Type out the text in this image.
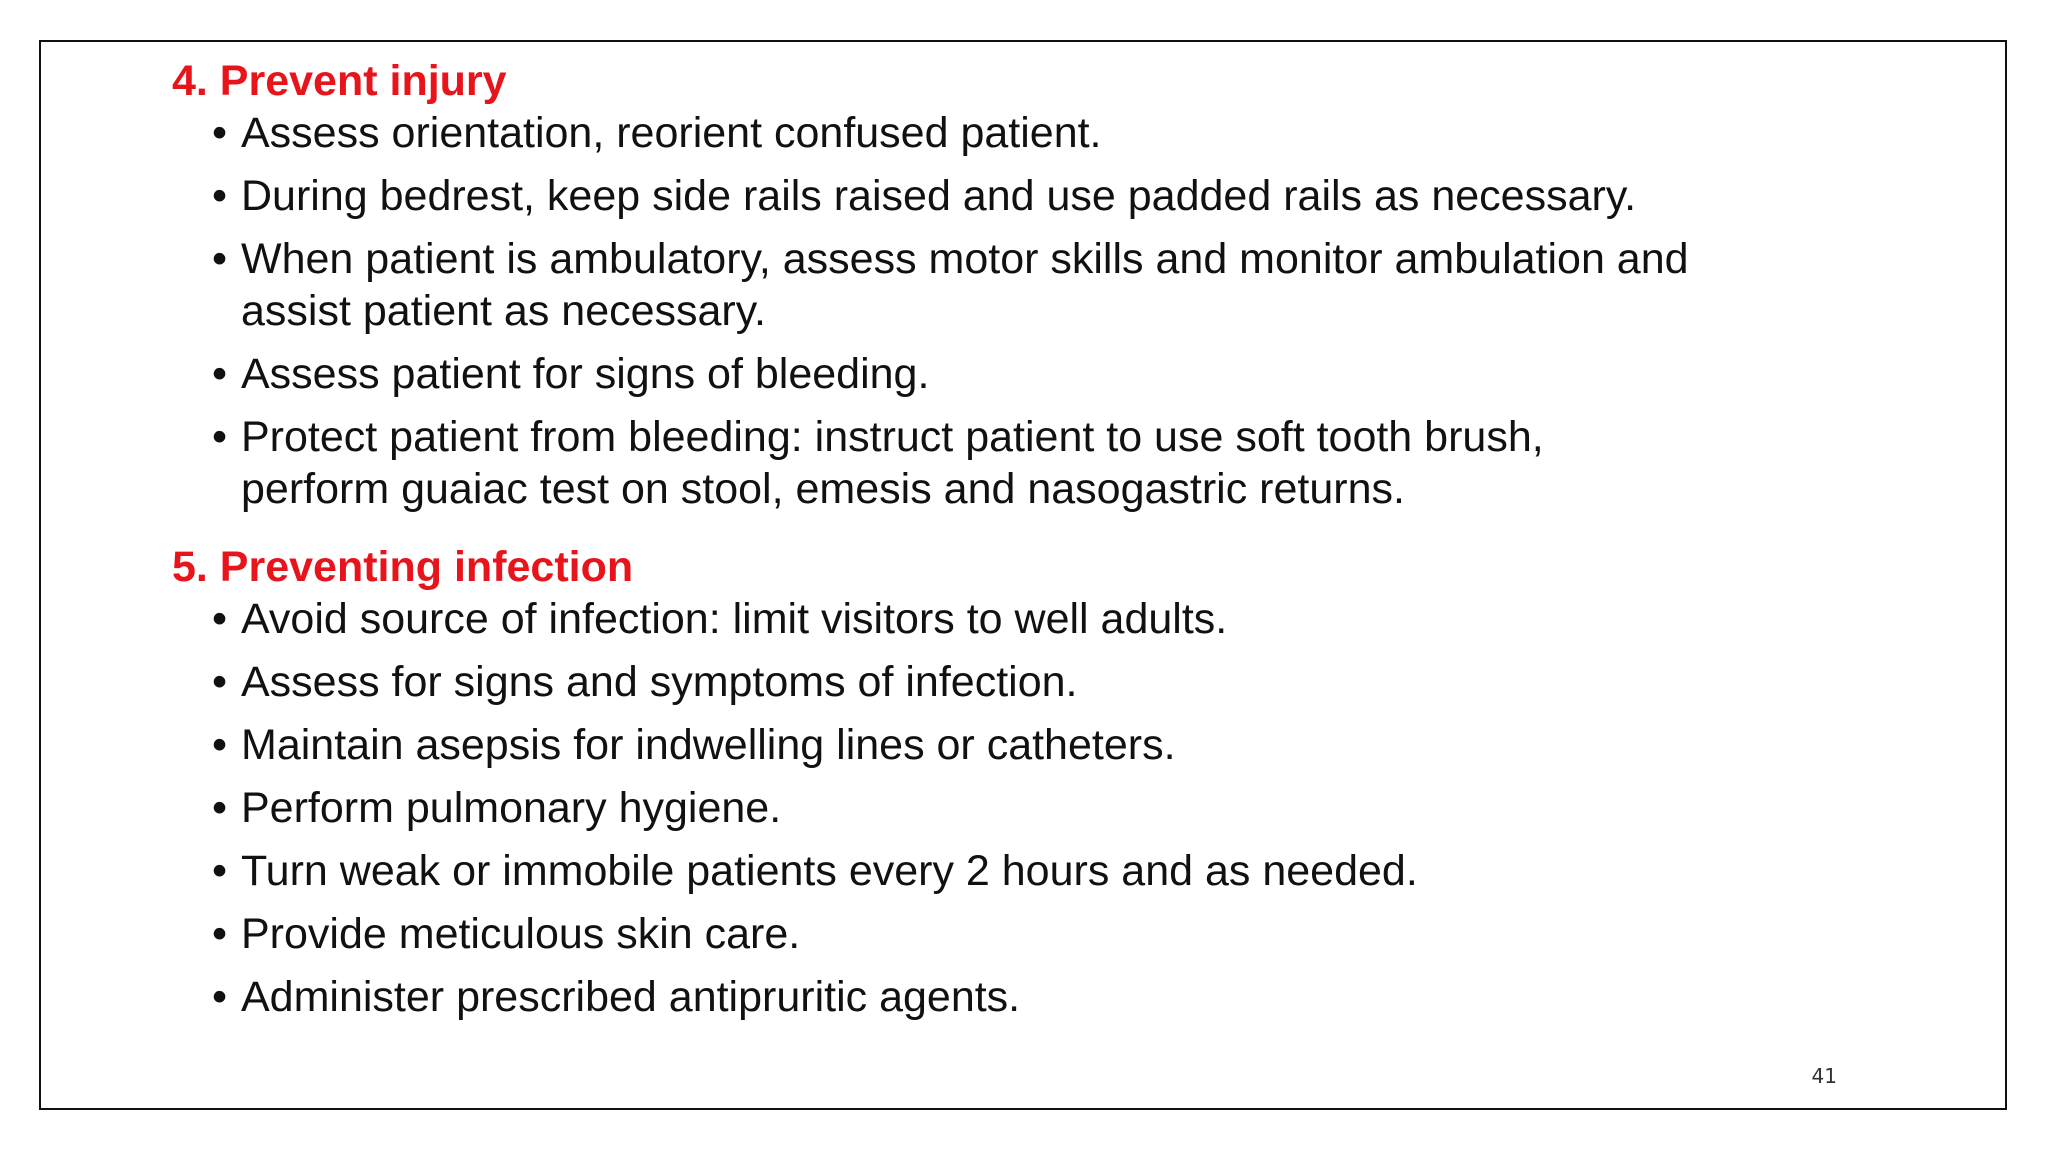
4. Prevent injury
• Assess orientation, reorient confused patient.
• During bedrest, keep side rails raised and use padded rails as necessary.
• When patient is ambulatory, assess motor skills and monitor ambulation and assist patient as necessary.
• Assess patient for signs of bleeding.
• Protect patient from bleeding: instruct patient to use soft tooth brush, perform guaiac test on stool, emesis and nasogastric returns.
5. Preventing infection
• Avoid source of infection: limit visitors to well adults.
• Assess for signs and symptoms of infection.
• Maintain asepsis for indwelling lines or catheters.
• Perform pulmonary hygiene.
• Turn weak or immobile patients every 2 hours and as needed.
• Provide meticulous skin care.
• Administer prescribed antipruritic agents.
41
